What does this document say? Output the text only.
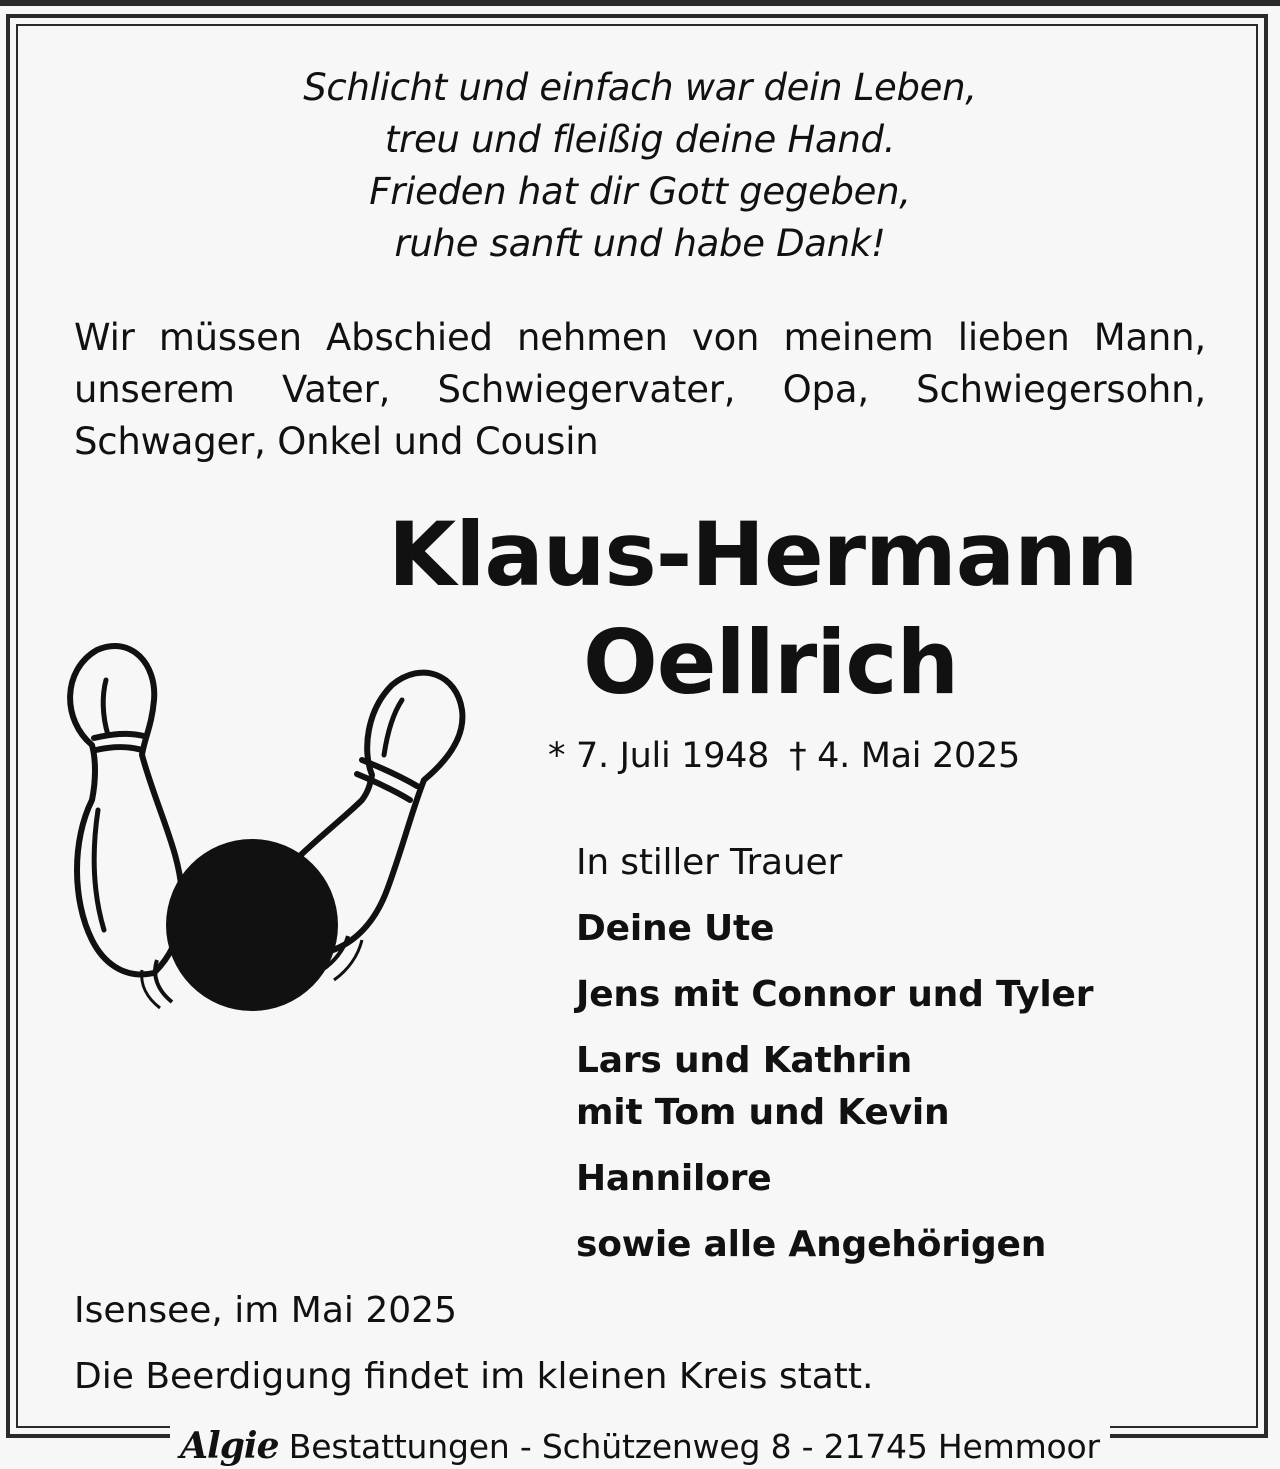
Schlicht und einfach war dein Leben,
treu und fleißig deine Hand.
Frieden hat dir Gott gegeben,
ruhe sanft und habe Dank!
Wir müssen Abschied nehmen von meinem lieben Mann,
unserem Vater, Schwiegervater, Opa, Schwiegersohn,
Schwager, Onkel und Cousin
Klaus-Hermann
Oellrich
* 7. Juli 1948 † 4. Mai 2025
In stiller Trauer
Deine Ute
Jens mit Connor und Tyler
Lars und Kathrin
mit Tom und Kevin
Hannilore
sowie alle Angehörigen
Isensee, im Mai 2025
Die Beerdigung findet im kleinen Kreis statt.
Algie Bestattungen - Schützenweg 8 - 21745 Hemmoor
